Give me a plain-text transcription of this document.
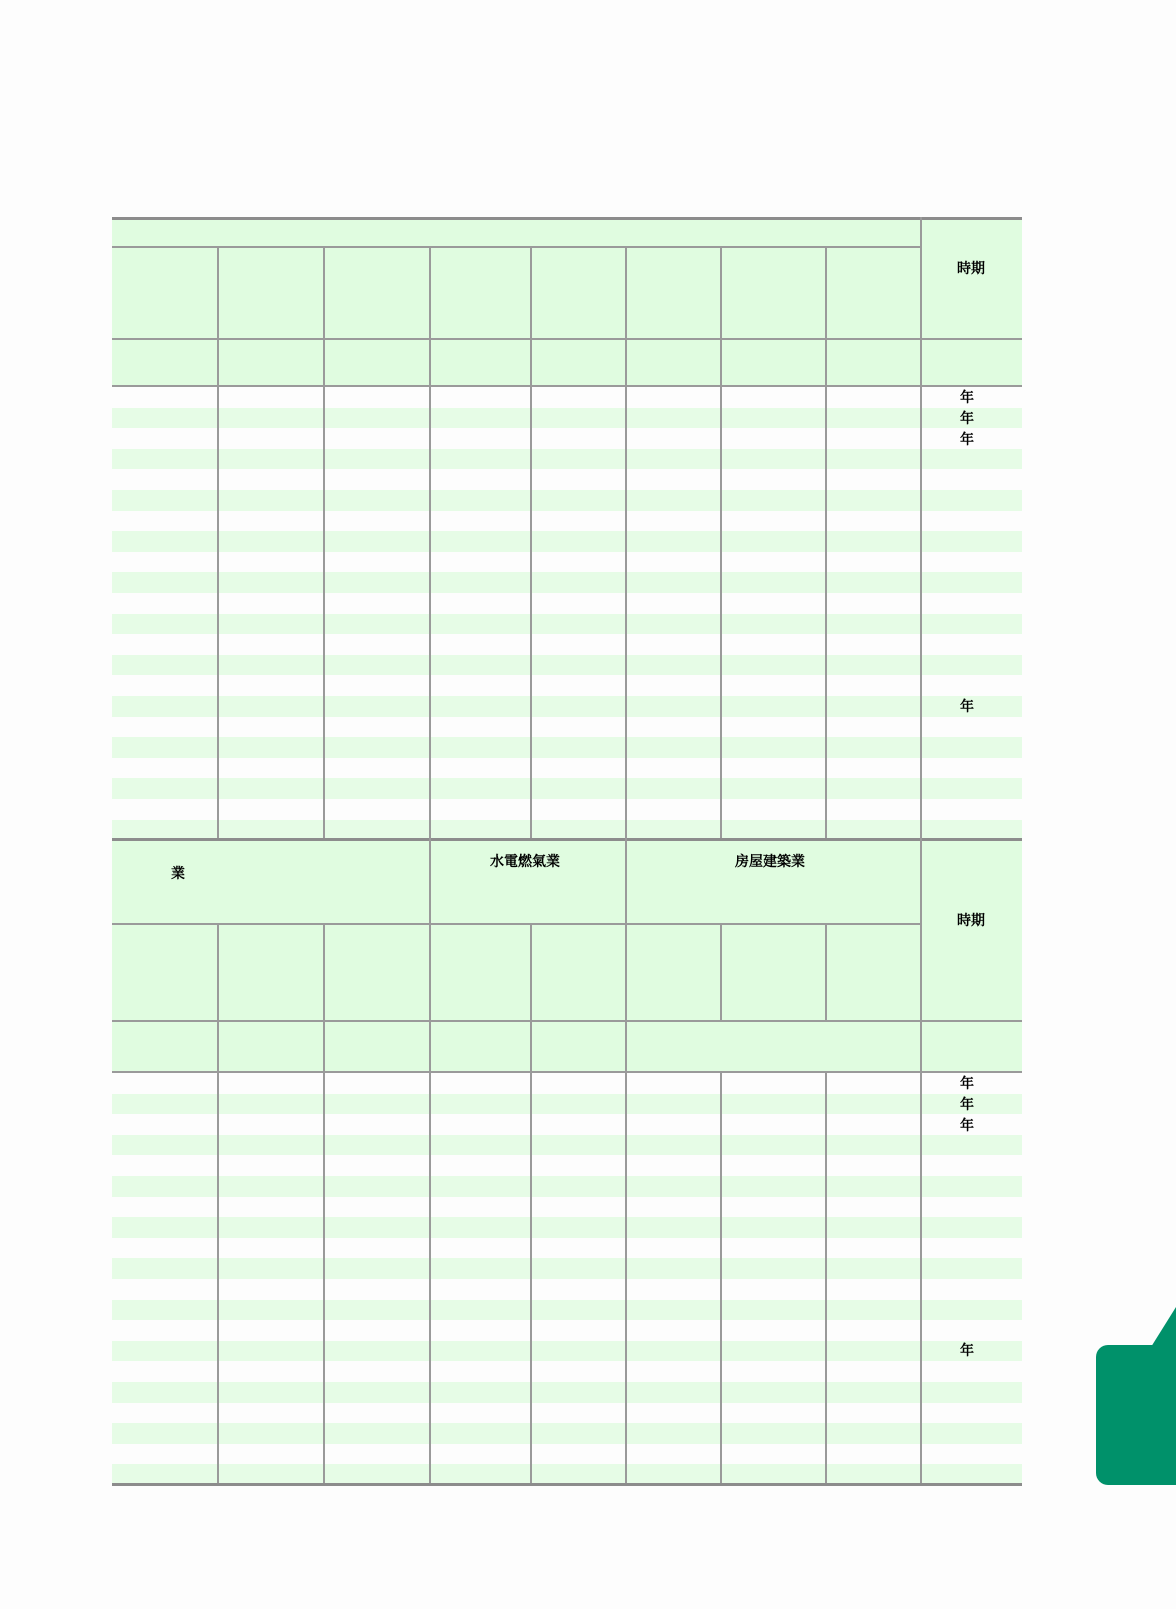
時期
年
年
年
年
業
水電燃氣業	房屋建築業
時期
年
年
年
年
